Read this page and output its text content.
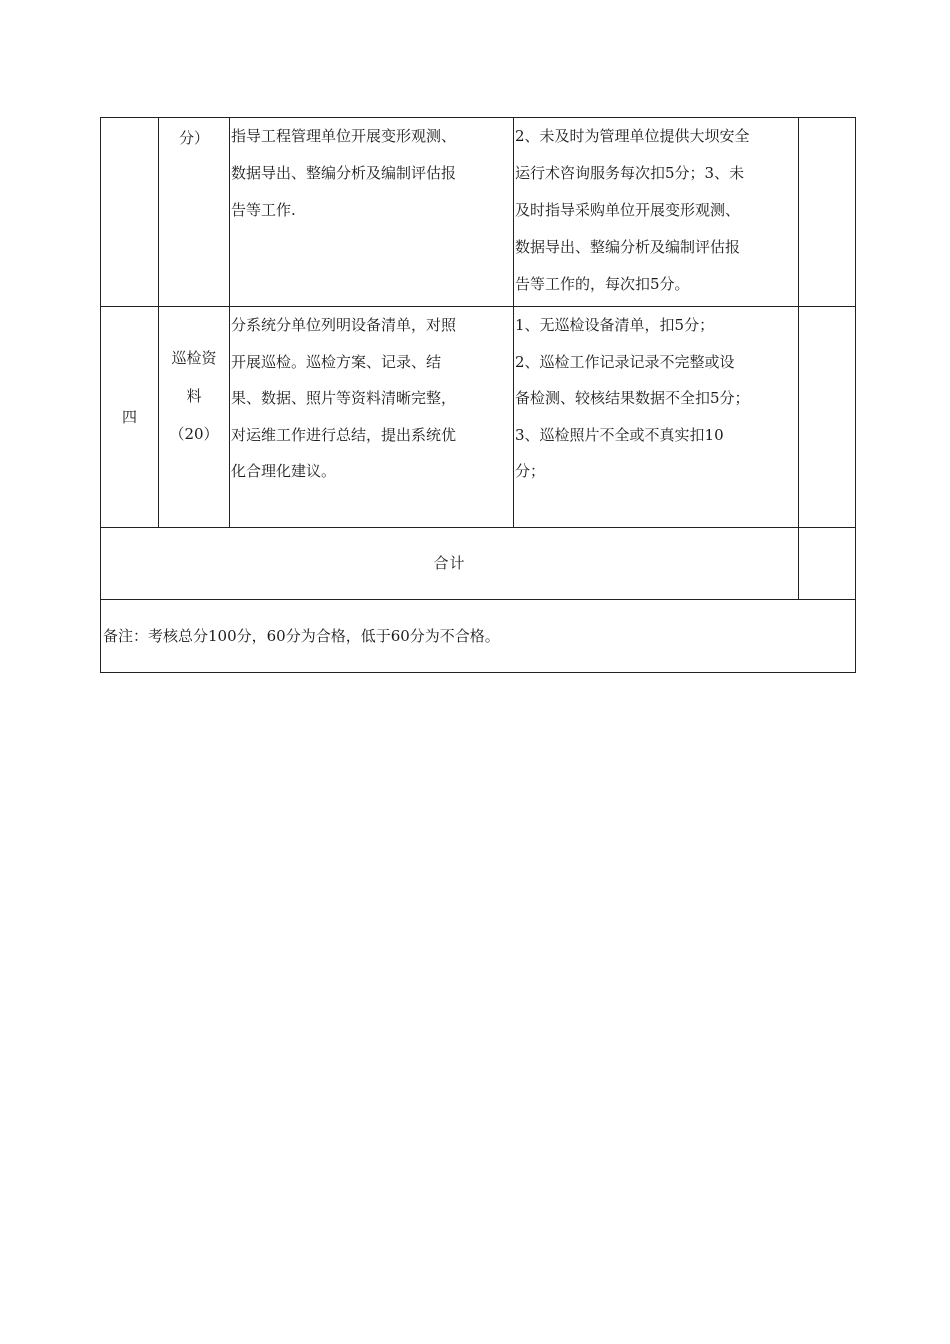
	分）	指导工程管理单位开展变形观测、
数据导出、整编分析及编制评估报
告等工作.	2、未及时为管理单位提供大坝安全
运行术咨询服务每次扣5分；3、未
及时指导采购单位开展变形观测、
数据导出、整编分析及编制评估报
告等工作的，每次扣5分。	

四	巡检资
料
（20）	分系统分单位列明设备清单，对照
开展巡检。巡检方案、记录、结
果、数据、照片等资料清晰完整，
对运维工作进行总结，提出系统优
化合理化建议。	1、无巡检设备清单，扣5分；
2、巡检工作记录记录不完整或设
备检测、较核结果数据不全扣5分；
3、巡检照片不全或不真实扣10
分；	

合计				
备注：考核总分100分，60分为合格，低于60分为不合格。				
